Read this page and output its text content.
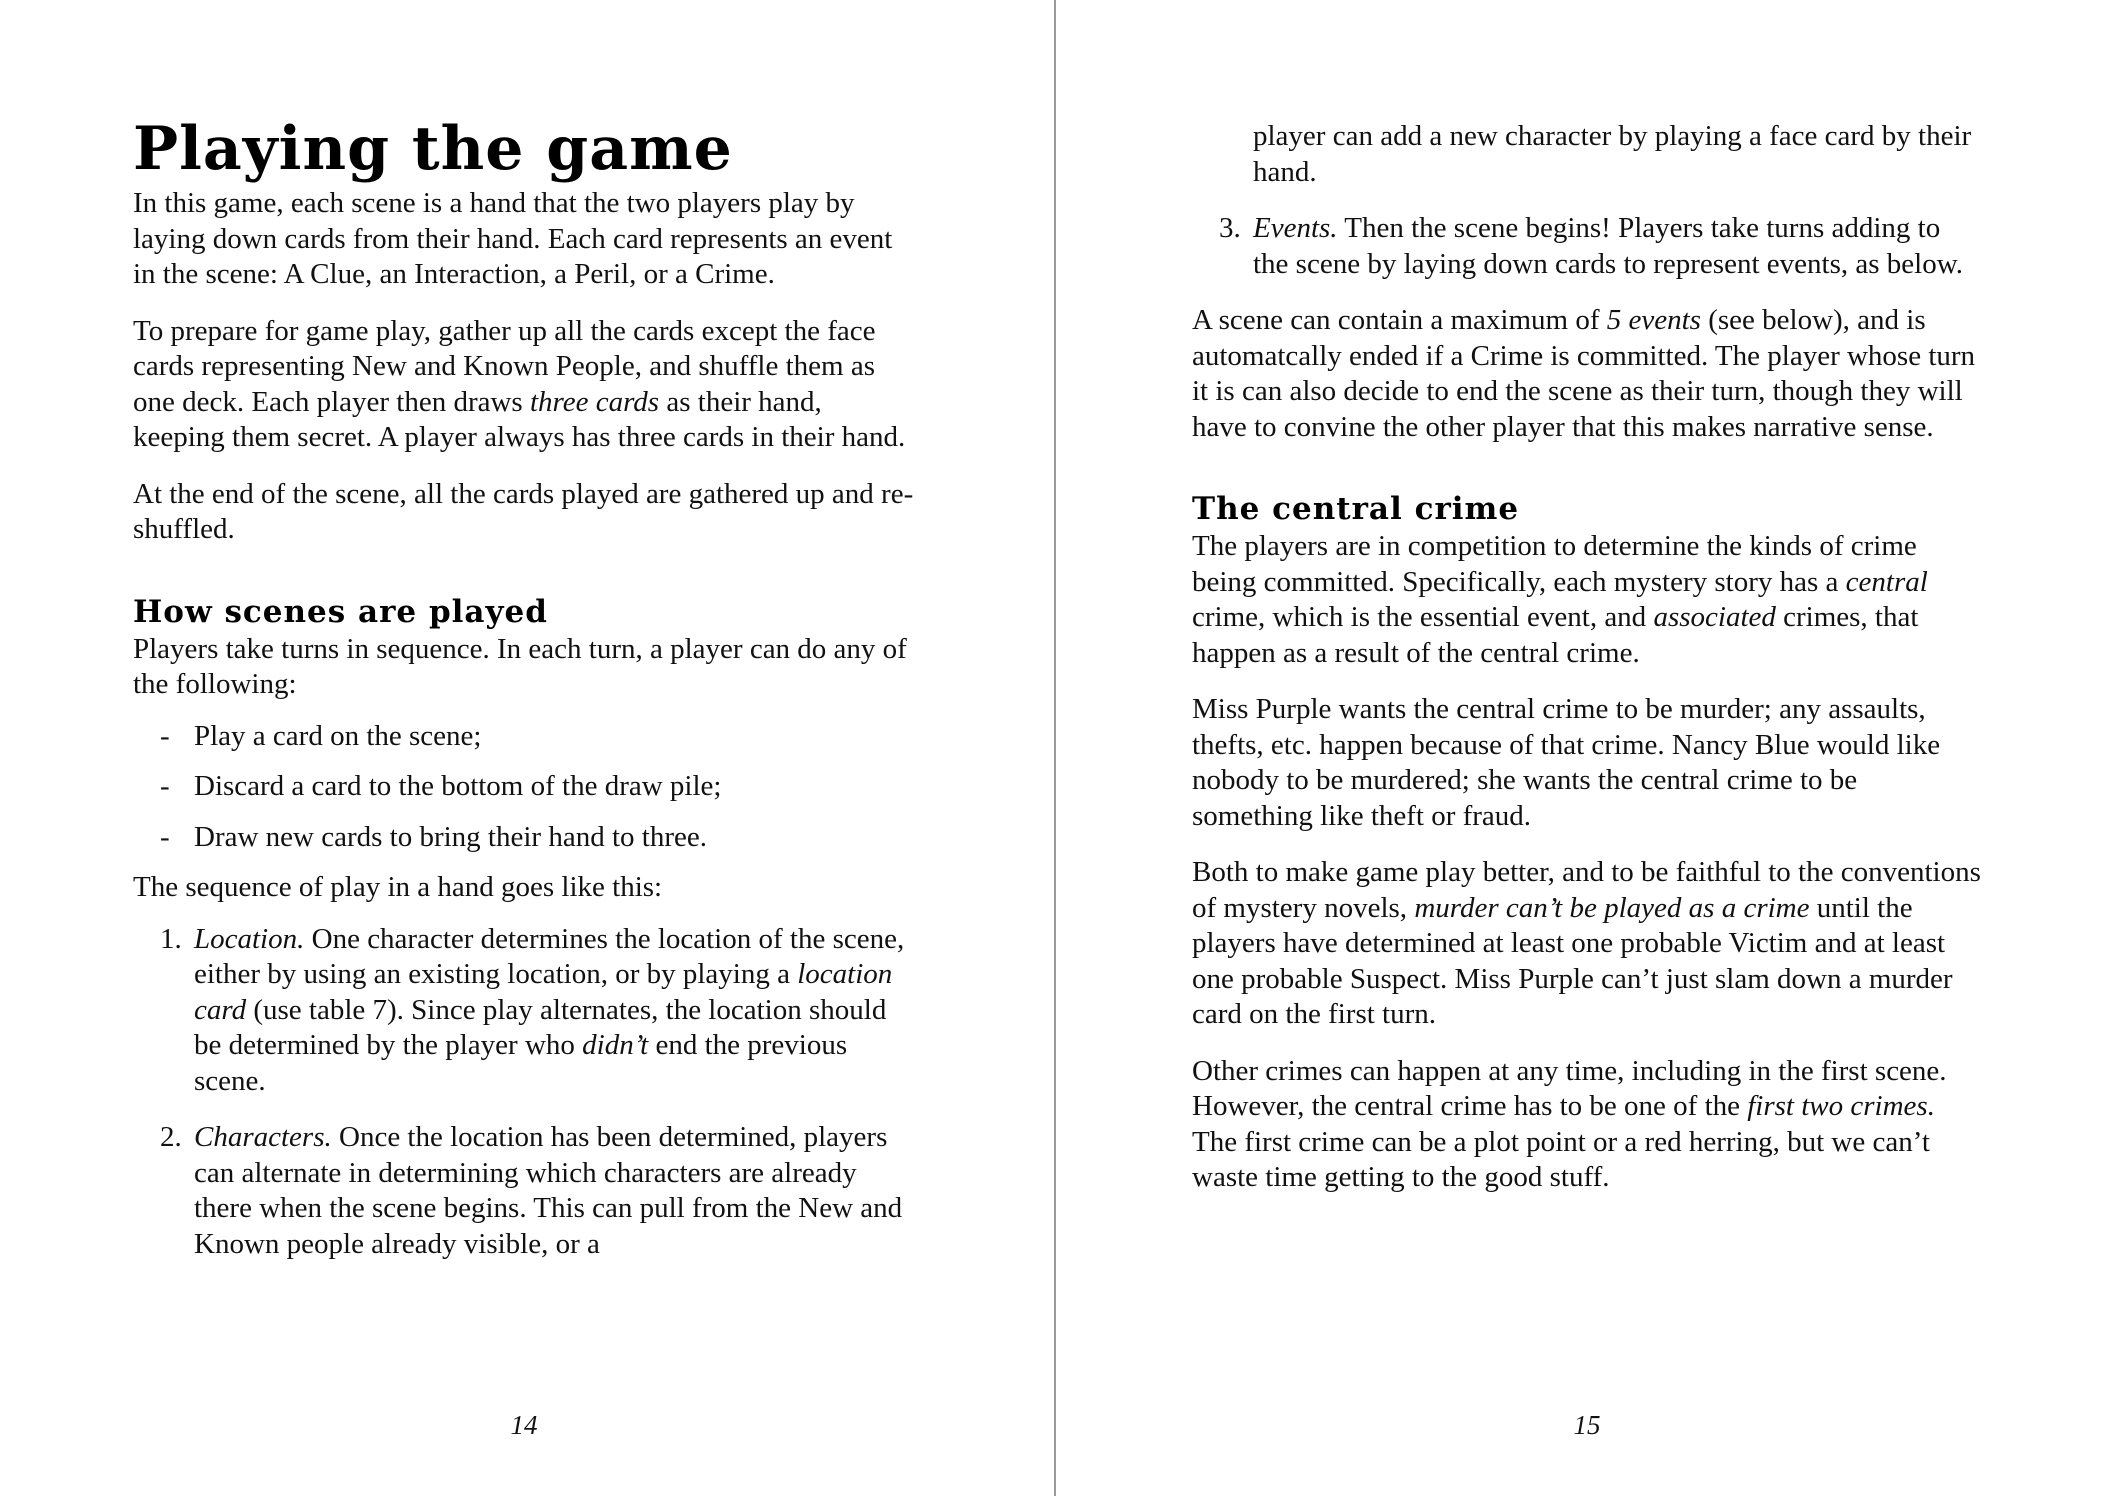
Playing the game

In this game, each scene is a hand that the two players play by laying down cards from their hand. Each card represents an event in the scene: A Clue, an Interaction, a Peril, or a Crime.

To prepare for game play, gather up all the cards except the face cards representing New and Known People, and shuffle them as one deck. Each player then draws three cards as their hand, keeping them secret. A player always has three cards in their hand.

At the end of the scene, all the cards played are gathered up and re-shuffled.

How scenes are played

Players take turns in sequence. In each turn, a player can do any of the following:

- Play a card on the scene;
- Discard a card to the bottom of the draw pile;
- Draw new cards to bring their hand to three.

The sequence of play in a hand goes like this:

1. Location. One character determines the location of the scene, either by using an existing location, or by playing a location card (use table 7). Since play alternates, the location should be determined by the player who didn’t end the previous scene.
2. Characters. Once the location has been determined, players can alternate in determining which characters are already there when the scene begins. This can pull from the New and Known people already visible, or a
14
player can add a new character by playing a face card by their hand.
3. Events. Then the scene begins! Players take turns adding to the scene by laying down cards to represent events, as below.

A scene can contain a maximum of 5 events (see below), and is automatcally ended if a Crime is committed. The player whose turn it is can also decide to end the scene as their turn, though they will have to convine the other player that this makes narrative sense.

The central crime

The players are in competition to determine the kinds of crime being committed. Specifically, each mystery story has a central crime, which is the essential event, and associated crimes, that happen as a result of the central crime.

Miss Purple wants the central crime to be murder; any assaults, thefts, etc. happen because of that crime. Nancy Blue would like nobody to be murdered; she wants the central crime to be something like theft or fraud.

Both to make game play better, and to be faithful to the conventions of mystery novels, murder can’t be played as a crime until the players have determined at least one probable Victim and at least one probable Suspect. Miss Purple can’t just slam down a murder card on the first turn.

Other crimes can happen at any time, including in the first scene. However, the central crime has to be one of the first two crimes. The first crime can be a plot point or a red herring, but we can’t waste time getting to the good stuff.

15
